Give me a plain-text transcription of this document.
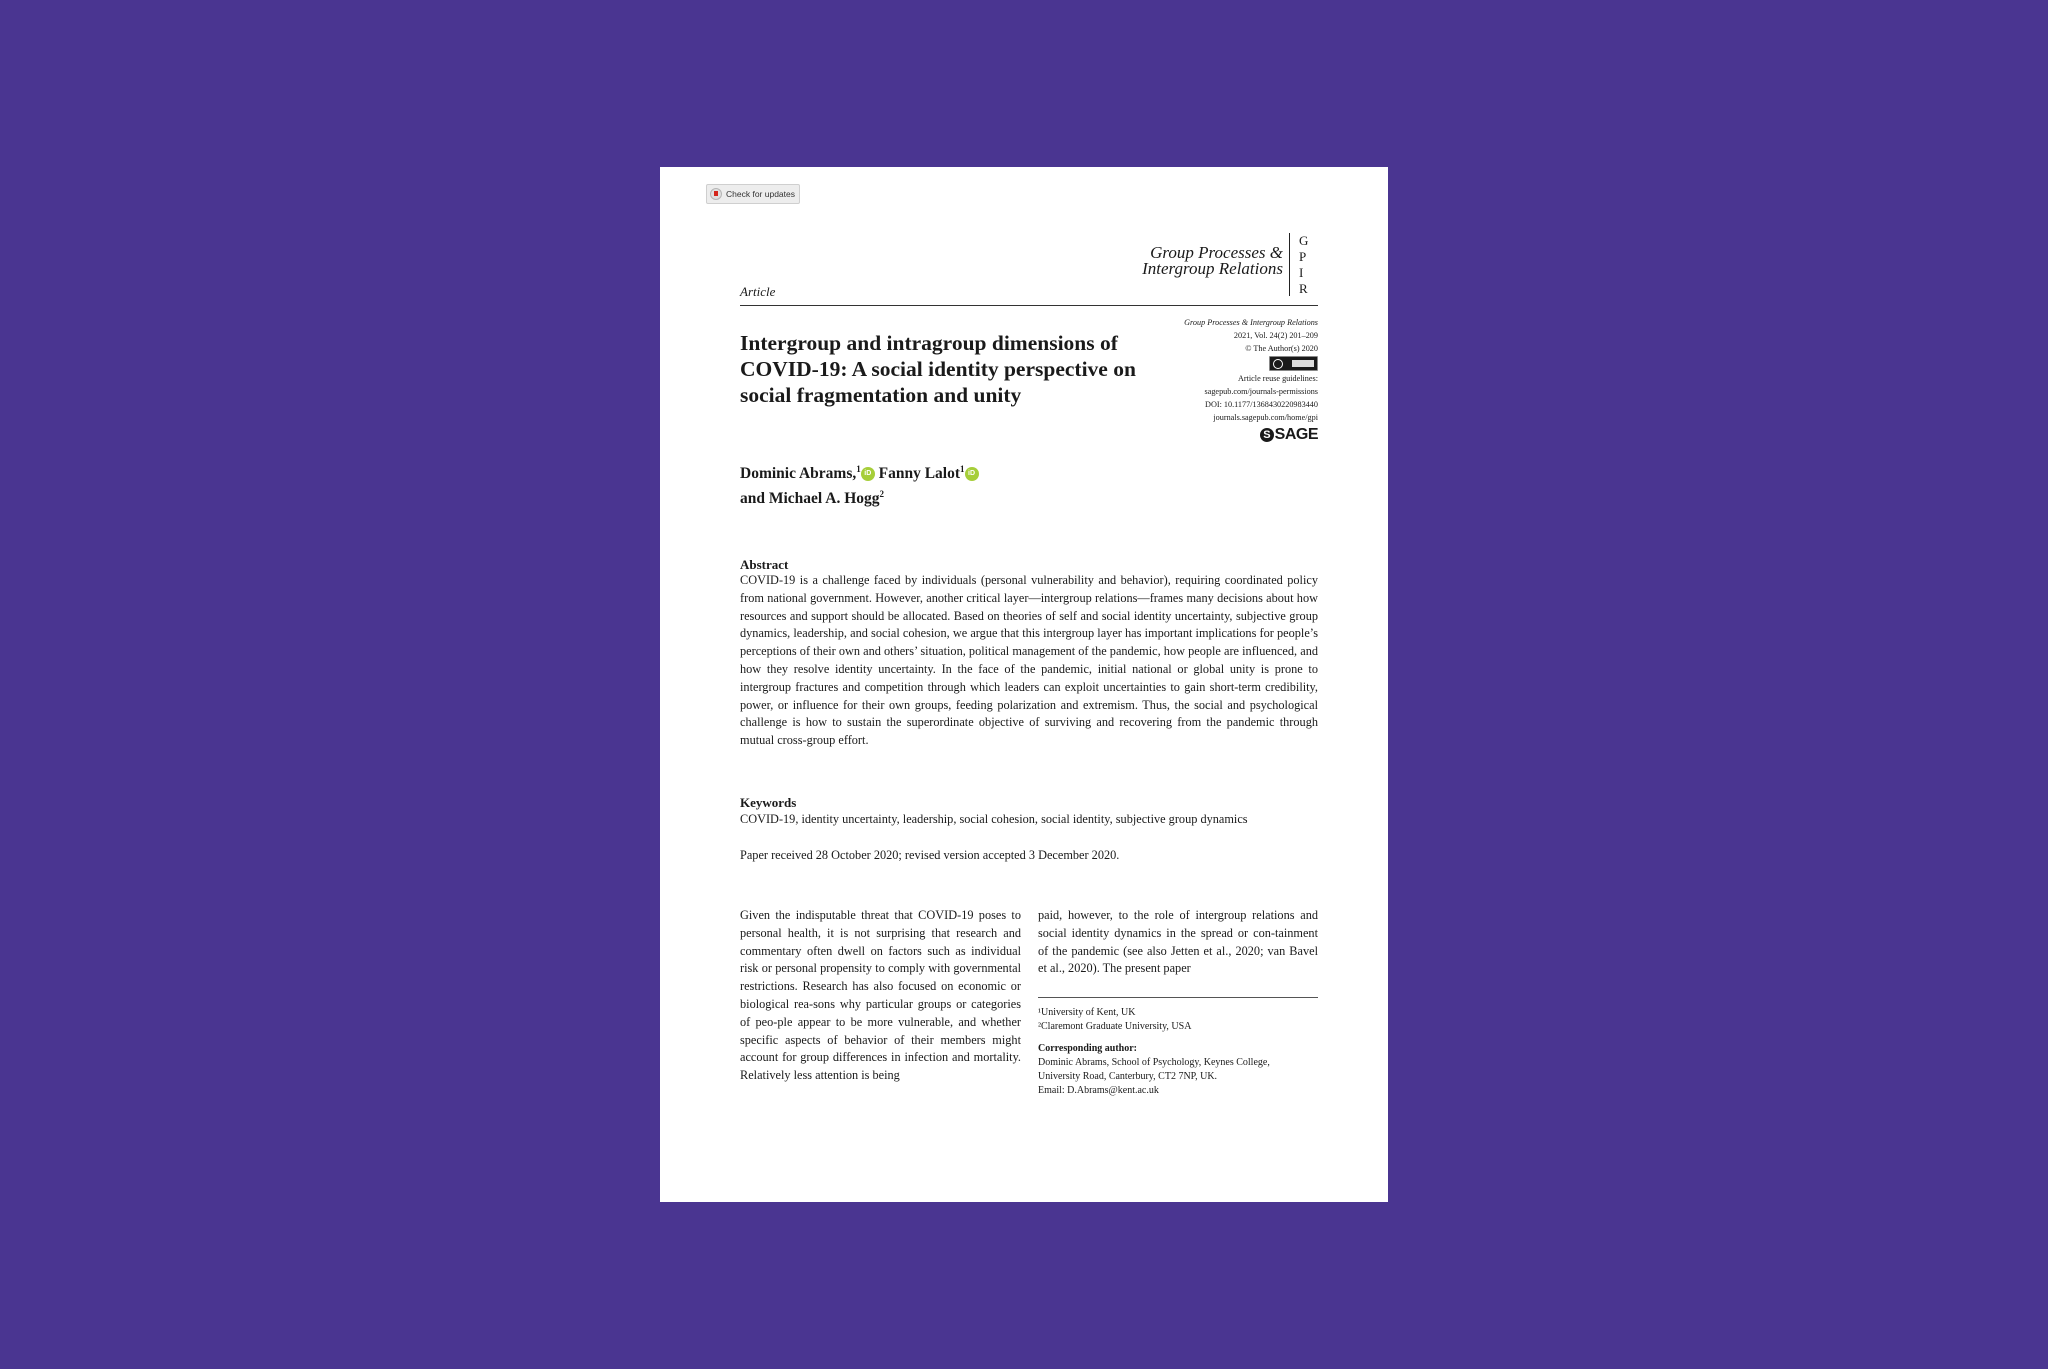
Check for updates
Group Processes &
Intergroup Relations
G
P
I
R
Article
Intergroup and intragroup dimensions of COVID-19: A social identity perspective on social fragmentation and unity
Group Processes & Intergroup Relations
2021, Vol. 24(2) 201–209
© The Author(s) 2020
Article reuse guidelines:
sagepub.com/journals-permissions
DOI: 10.1177/1368430220983440
journals.sagepub.com/home/gpi
S SAGE
Dominic Abrams,$^1$ iD Fanny Lalot$^1$ iD
and Michael A. Hogg$^2$
Abstract

COVID-19 is a challenge faced by individuals (personal vulnerability and behavior), requiring coordinated policy from national government. However, another critical layer—intergroup relations—frames many decisions about how resources and support should be allocated. Based on theories of self and social identity uncertainty, subjective group dynamics, leadership, and social cohesion, we argue that this intergroup layer has important implications for people’s perceptions of their own and others’ situation, political management of the pandemic, how people are influenced, and how they resolve identity uncertainty. In the face of the pandemic, initial national or global unity is prone to intergroup fractures and competition through which leaders can exploit uncertainties to gain short-term credibility, power, or influence for their own groups, feeding polarization and extremism. Thus, the social and psychological challenge is how to sustain the superordinate objective of surviving and recovering from the pandemic through mutual cross-group effort.

Keywords
COVID-19, identity uncertainty, leadership, social cohesion, social identity, subjective group dynamics
Paper received 28 October 2020; revised version accepted 3 December 2020.

Given the indisputable threat that COVID-19 poses to personal health, it is not surprising that research and commentary often dwell on factors such as individual risk or personal propensity to comply with governmental restrictions. Research has also focused on economic or biological rea-sons why particular groups or categories of peo-ple appear to be more vulnerable, and whether specific aspects of behavior of their members might account for group differences in infection and mortality. Relatively less attention is being

paid, however, to the role of intergroup relations and social identity dynamics in the spread or con-tainment of the pandemic (see also Jetten et al., 2020; van Bavel et al., 2020). The present paper

¹University of Kent, UK
²Claremont Graduate University, USA
Corresponding author:
Dominic Abrams, School of Psychology, Keynes College,
University Road, Canterbury, CT2 7NP, UK.
Email: D.Abrams@kent.ac.uk
